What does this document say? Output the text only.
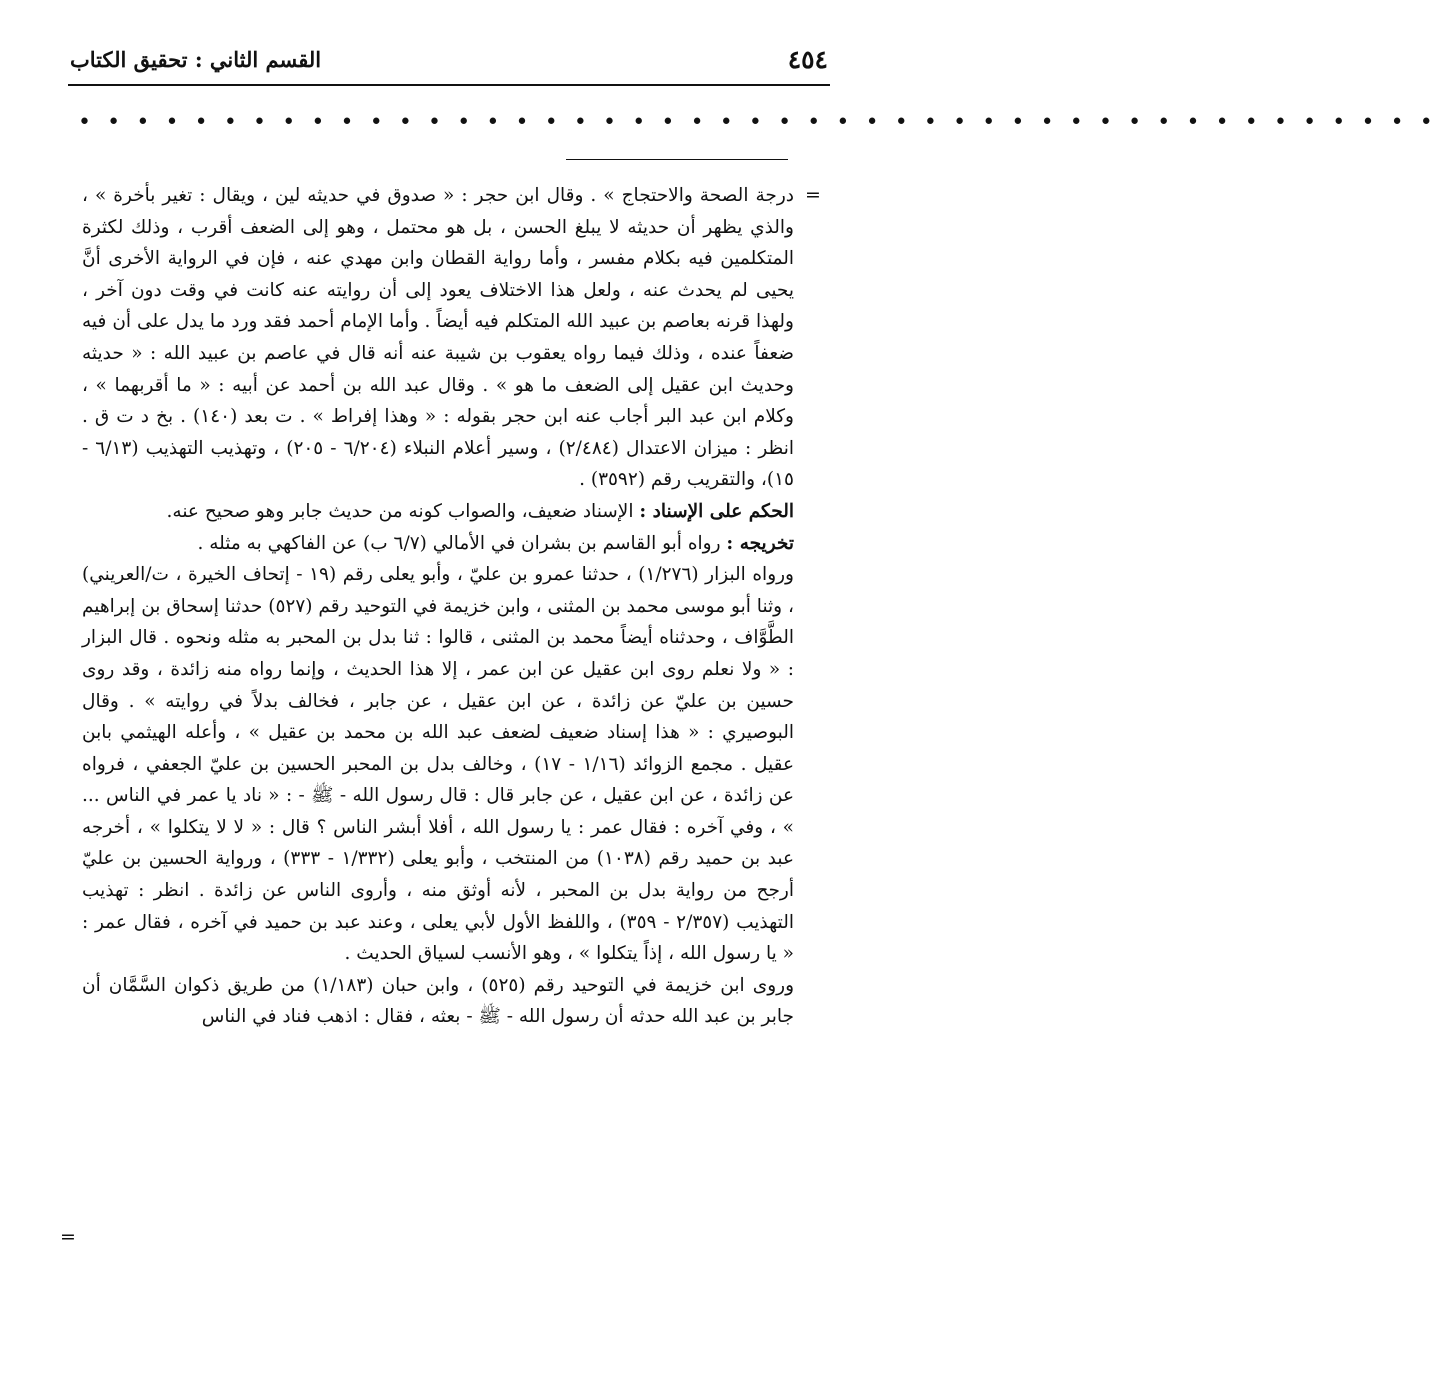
٤٥٤
القسم الثاني : تحقيق الكتاب
• • • • • • • • • • • • • • • • • • • • • • • • • • • • • • • • • • • • • • • • • • • • • • •
=

درجة الصحة والاحتجاج » . وقال ابن حجر : « صدوق في حديثه لين ، ويقال : تغير بأخرة » ، والذي يظهر أن حديثه لا يبلغ الحسن ، بل هو محتمل ، وهو إلى الضعف أقرب ، وذلك لكثرة المتكلمين فيه بكلام مفسر ، وأما رواية القطان وابن مهدي عنه ، فإن في الرواية الأخرى أنَّ يحيى لم يحدث عنه ، ولعل هذا الاختلاف يعود إلى أن روايته عنه كانت في وقت دون آخر ، ولهذا قرنه بعاصم بن عبيد الله المتكلم فيه أيضاً . وأما الإمام أحمد فقد ورد ما يدل على أن فيه ضعفاً عنده ، وذلك فيما رواه يعقوب بن شيبة عنه أنه قال في عاصم بن عبيد الله : « حديثه وحديث ابن عقيل إلى الضعف ما هو » . وقال عبد الله بن أحمد عن أبيه : « ما أقربهما » ، وكلام ابن عبد البر أجاب عنه ابن حجر بقوله : « وهذا إفراط » . ت بعد (١٤٠) . بخ د ت ق . انظر : ميزان الاعتدال (٢/٤٨٤) ، وسير أعلام النبلاء (٦/٢٠٤ - ٢٠٥) ، وتهذيب التهذيب (٦/١٣ - ١٥)، والتقريب رقم (٣٥٩٢) .

الحكم على الإسناد : الإسناد ضعيف، والصواب كونه من حديث جابر وهو صحيح عنه.

تخريجه : رواه أبو القاسم بن بشران في الأمالي (٦/٧ ب) عن الفاكهي به مثله .

ورواه البزار (١/٢٧٦) ، حدثنا عمرو بن عليّ ، وأبو يعلى رقم (١٩ - إتحاف الخيرة ، ت/العريني) ، وثنا أبو موسى محمد بن المثنى ، وابن خزيمة في التوحيد رقم (٥٢٧) حدثنا إسحاق بن إبراهيم الطَّوَّاف ، وحدثناه أيضاً محمد بن المثنى ، قالوا : ثنا بدل بن المحبر به مثله ونحوه . قال البزار : « ولا نعلم روى ابن عقيل عن ابن عمر ، إلا هذا الحديث ، وإنما رواه منه زائدة ، وقد روى حسين بن عليّ عن زائدة ، عن ابن عقيل ، عن جابر ، فخالف بدلاً في روايته » . وقال البوصيري : « هذا إسناد ضعيف لضعف عبد الله بن محمد بن عقيل » ، وأعله الهيثمي بابن عقيل . مجمع الزوائد (١/١٦ - ١٧) ، وخالف بدل بن المحبر الحسين بن عليّ الجعفي ، فرواه عن زائدة ، عن ابن عقيل ، عن جابر قال : قال رسول الله - ﷺ - : « ناد يا عمر في الناس ... » ، وفي آخره : فقال عمر : يا رسول الله ، أفلا أبشر الناس ؟ قال : « لا لا يتكلوا » ، أخرجه عبد بن حميد رقم (١٠٣٨) من المنتخب ، وأبو يعلى (١/٣٣٢ - ٣٣٣) ، ورواية الحسين بن عليّ أرجح من رواية بدل بن المحبر ، لأنه أوثق منه ، وأروى الناس عن زائدة . انظر : تهذيب التهذيب (٢/٣٥٧ - ٣٥٩) ، واللفظ الأول لأبي يعلى ، وعند عبد بن حميد في آخره ، فقال عمر : « يا رسول الله ، إذاً يتكلوا » ، وهو الأنسب لسياق الحديث .

وروى ابن خزيمة في التوحيد رقم (٥٢٥) ، وابن حبان (١/١٨٣) من طريق ذكوان السَّمَّان أن جابر بن عبد الله حدثه أن رسول الله - ﷺ - بعثه ، فقال : اذهب فناد في الناس

=
